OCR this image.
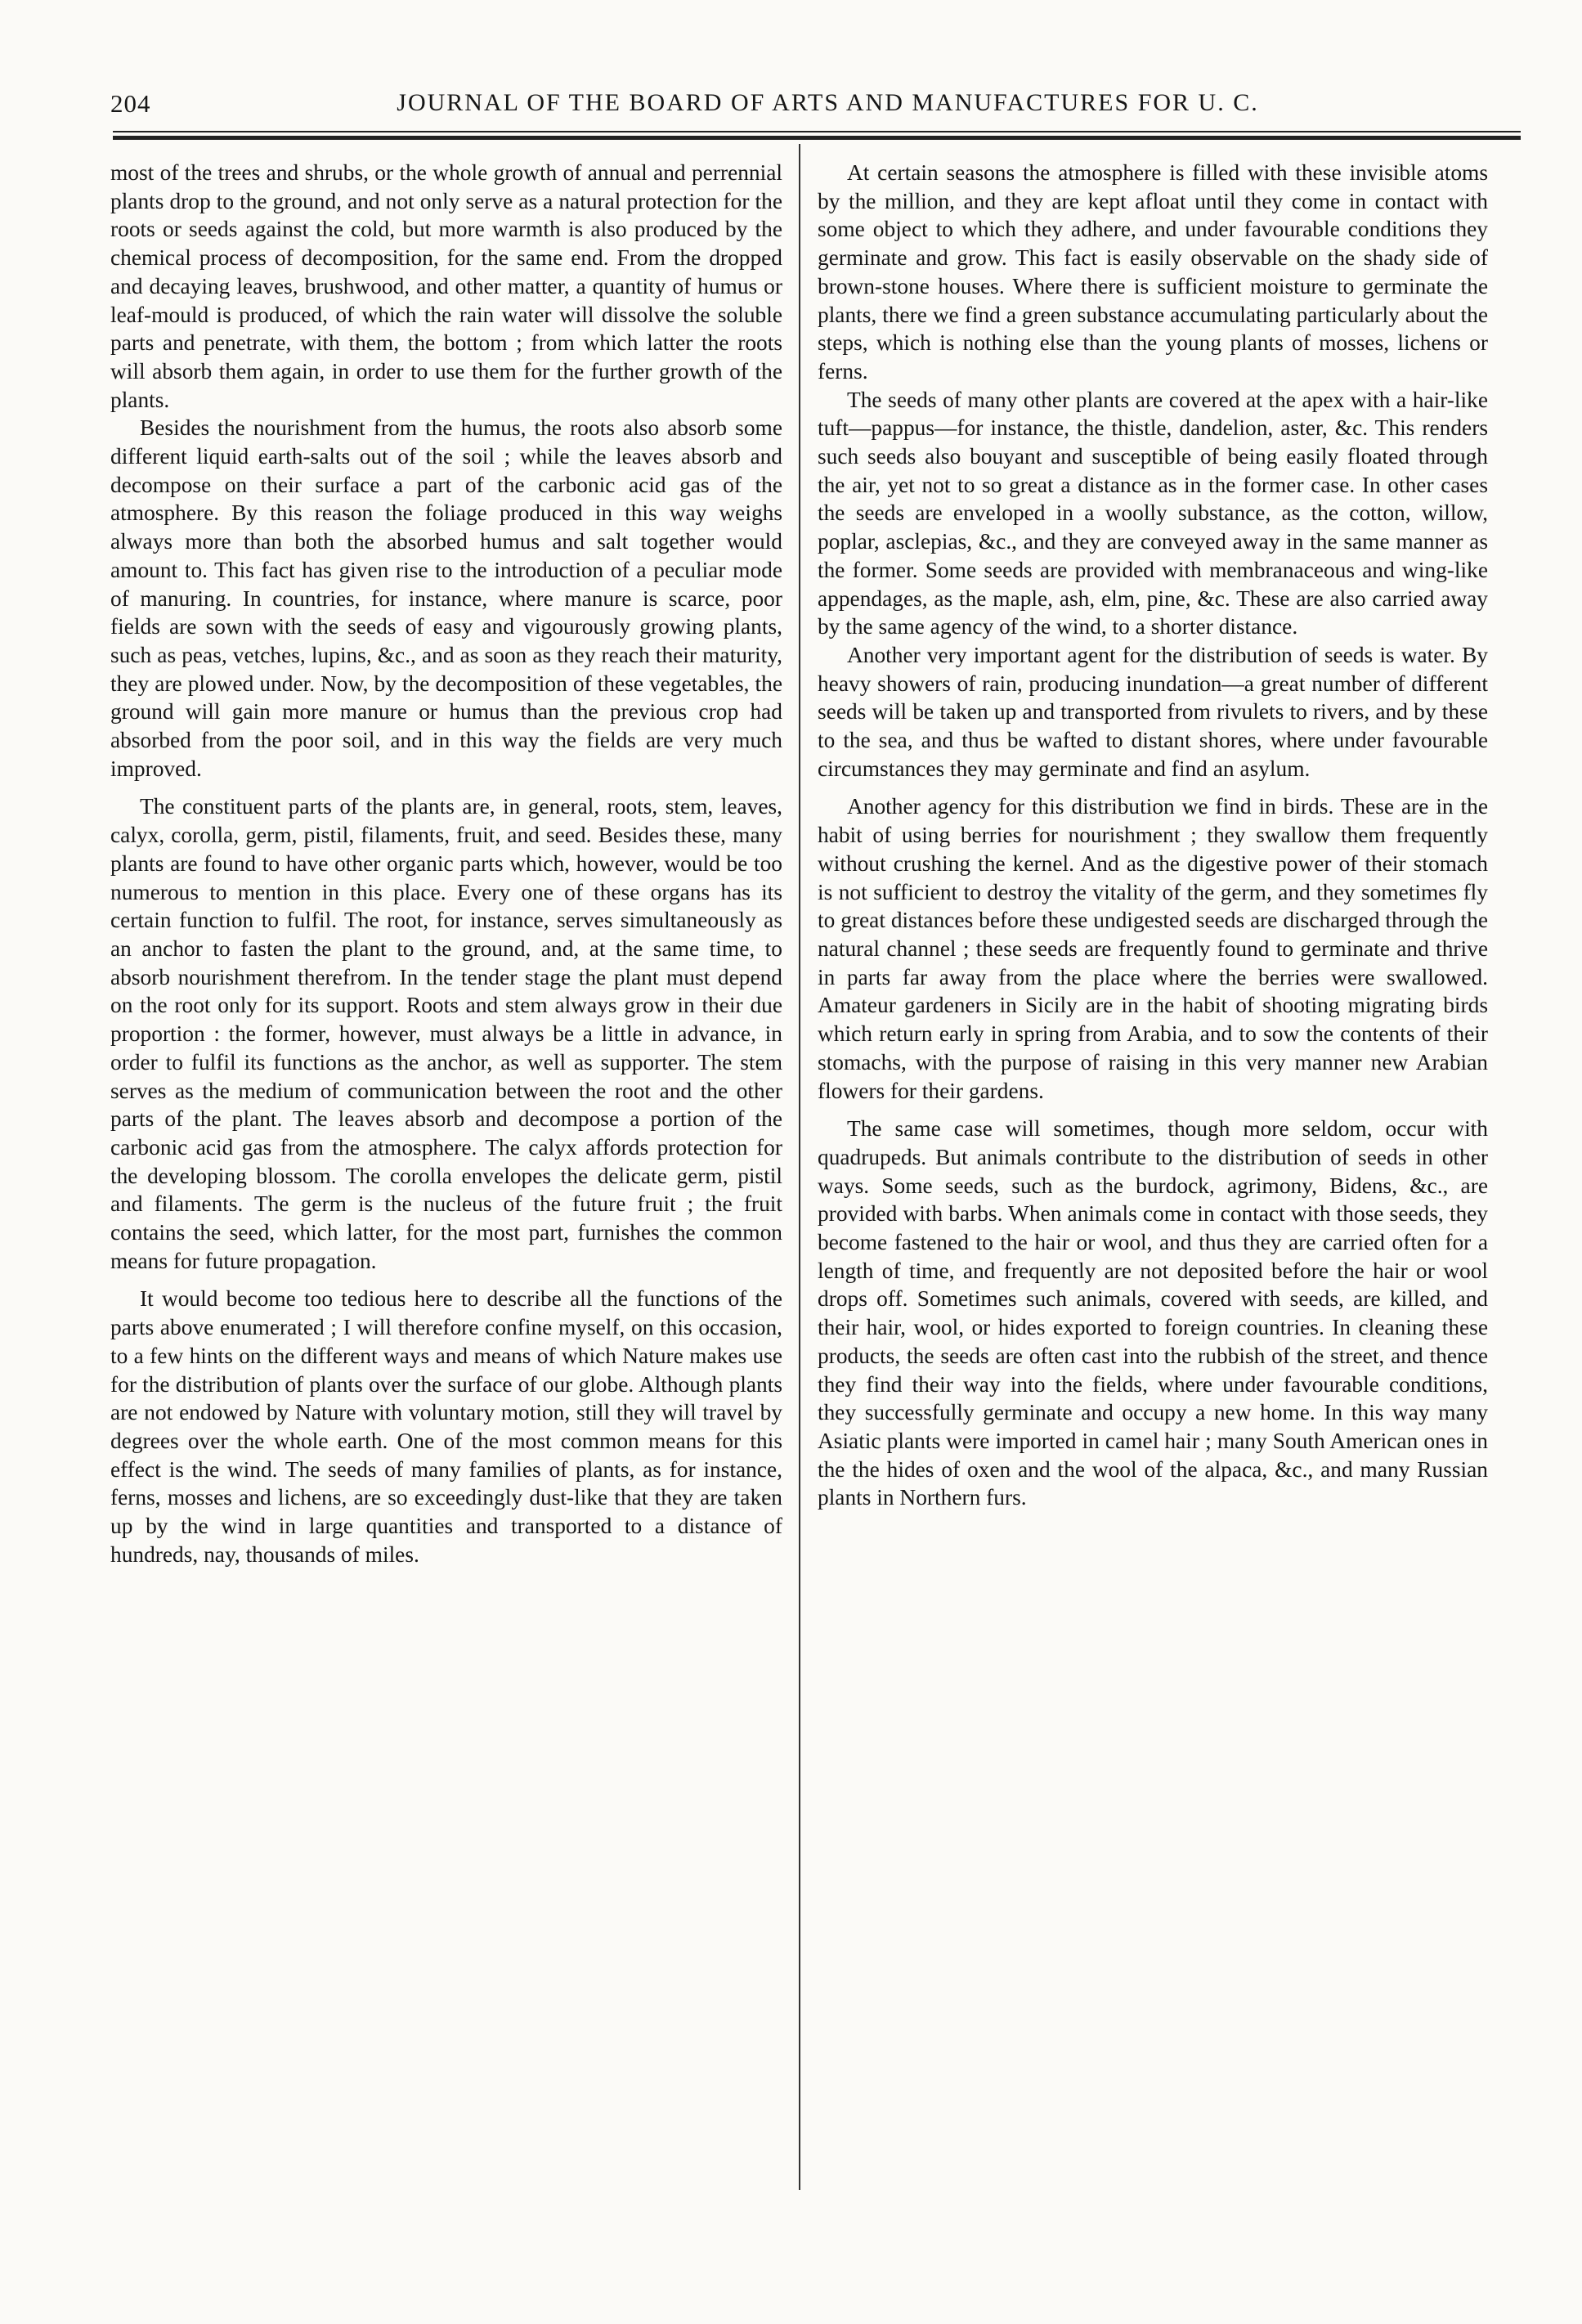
204	JOURNAL OF THE BOARD OF ARTS AND MANUFACTURES FOR U. C.

most of the trees and shrubs, or the whole growth of annual and perrennial plants drop to the ground, and not only serve as a natural protection for the roots or seeds against the cold, but more warmth is also produced by the chemical process of decomposition, for the same end. From the dropped and decaying leaves, brushwood, and other matter, a quantity of humus or leaf-mould is produced, of which the rain water will dissolve the soluble parts and penetrate, with them, the bottom ; from which latter the roots will absorb them again, in order to use them for the further growth of the plants.

Besides the nourishment from the humus, the roots also absorb some different liquid earth-salts out of the soil ; while the leaves absorb and decompose on their surface a part of the carbonic acid gas of the atmosphere. By this reason the foliage produced in this way weighs always more than both the absorbed humus and salt together would amount to. This fact has given rise to the introduction of a peculiar mode of manuring. In countries, for instance, where manure is scarce, poor fields are sown with the seeds of easy and vigourously growing plants, such as peas, vetches, lupins, &c., and as soon as they reach their maturity, they are plowed under. Now, by the decomposition of these vegetables, the ground will gain more manure or humus than the previous crop had absorbed from the poor soil, and in this way the fields are very much improved.

The constituent parts of the plants are, in general, roots, stem, leaves, calyx, corolla, germ, pistil, filaments, fruit, and seed. Besides these, many plants are found to have other organic parts which, however, would be too numerous to mention in this place. Every one of these organs has its certain function to fulfil. The root, for instance, serves simultaneously as an anchor to fasten the plant to the ground, and, at the same time, to absorb nourishment therefrom. In the tender stage the plant must depend on the root only for its support. Roots and stem always grow in their due proportion : the former, however, must always be a little in advance, in order to fulfil its functions as the anchor, as well as supporter. The stem serves as the medium of communication between the root and the other parts of the plant. The leaves absorb and decompose a portion of the carbonic acid gas from the atmosphere. The calyx affords protection for the developing blossom. The corolla envelopes the delicate germ, pistil and filaments. The germ is the nucleus of the future fruit ; the fruit contains the seed, which latter, for the most part, furnishes the common means for future propagation.

It would become too tedious here to describe all the functions of the parts above enumerated ; I will therefore confine myself, on this occasion, to a few hints on the different ways and means of which Nature makes use for the distribution of plants over the surface of our globe. Although plants are not endowed by Nature with voluntary motion, still they will travel by degrees over the whole earth. One of the most common means for this effect is the wind. The seeds of many families of plants, as for instance, ferns, mosses and lichens, are so exceedingly dust-like that they are taken up by the wind in large quantities and transported to a distance of hundreds, nay, thousands of miles.

At certain seasons the atmosphere is filled with these invisible atoms by the million, and they are kept afloat until they come in contact with some object to which they adhere, and under favourable conditions they germinate and grow. This fact is easily observable on the shady side of brown-stone houses. Where there is sufficient moisture to germinate the plants, there we find a green substance accumulating particularly about the steps, which is nothing else than the young plants of mosses, lichens or ferns.

The seeds of many other plants are covered at the apex with a hair-like tuft—pappus—for instance, the thistle, dandelion, aster, &c. This renders such seeds also bouyant and susceptible of being easily floated through the air, yet not to so great a distance as in the former case. In other cases the seeds are enveloped in a woolly substance, as the cotton, willow, poplar, asclepias, &c., and they are conveyed away in the same manner as the former. Some seeds are provided with membranaceous and wing-like appendages, as the maple, ash, elm, pine, &c. These are also carried away by the same agency of the wind, to a shorter distance.

Another very important agent for the distribution of seeds is water. By heavy showers of rain, producing inundation—a great number of different seeds will be taken up and transported from rivulets to rivers, and by these to the sea, and thus be wafted to distant shores, where under favourable circumstances they may germinate and find an asylum.

Another agency for this distribution we find in birds. These are in the habit of using berries for nourishment ; they swallow them frequently without crushing the kernel. And as the digestive power of their stomach is not sufficient to destroy the vitality of the germ, and they sometimes fly to great distances before these undigested seeds are discharged through the natural channel ; these seeds are frequently found to germinate and thrive in parts far away from the place where the berries were swallowed. Amateur gardeners in Sicily are in the habit of shooting migrating birds which return early in spring from Arabia, and to sow the contents of their stomachs, with the purpose of raising in this very manner new Arabian flowers for their gardens.

The same case will sometimes, though more seldom, occur with quadrupeds. But animals contribute to the distribution of seeds in other ways. Some seeds, such as the burdock, agrimony, Bidens, &c., are provided with barbs. When animals come in contact with those seeds, they become fastened to the hair or wool, and thus they are carried often for a length of time, and frequently are not deposited before the hair or wool drops off. Sometimes such animals, covered with seeds, are killed, and their hair, wool, or hides exported to foreign countries. In cleaning these products, the seeds are often cast into the rubbish of the street, and thence they find their way into the fields, where under favourable conditions, they successfully germinate and occupy a new home. In this way many Asiatic plants were imported in camel hair ; many South American ones in the the hides of oxen and the wool of the alpaca, &c., and many Russian plants in Northern furs.
